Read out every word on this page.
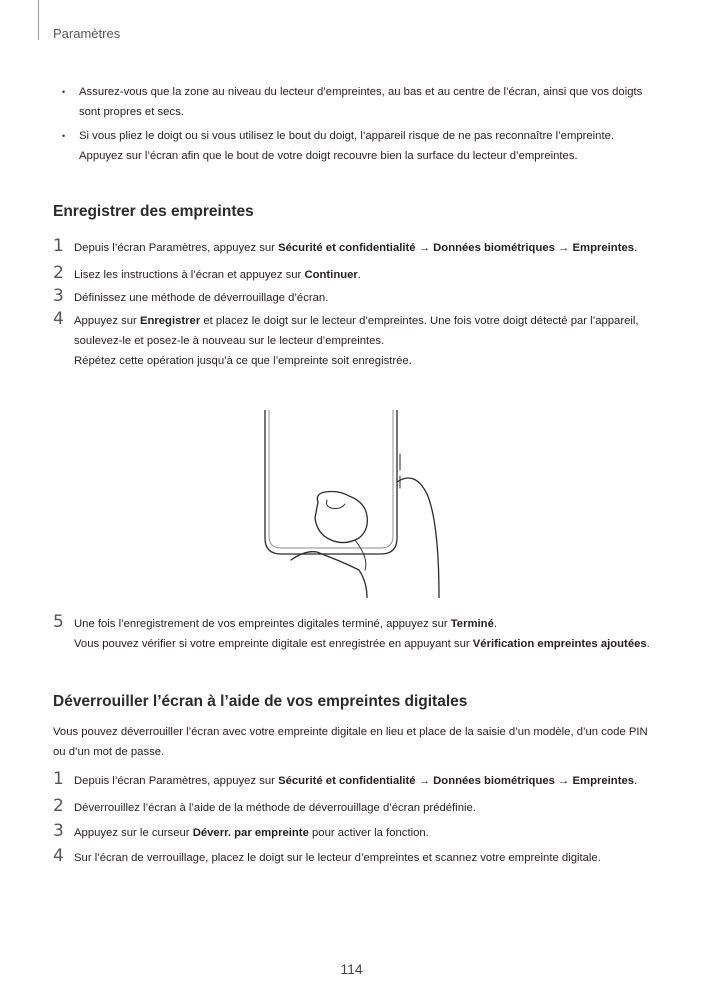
Paramètres
• Assurez-vous que la zone au niveau du lecteur d’empreintes, au bas et au centre de l’écran, ainsi que vos doigts sont propres et secs.
• Si vous pliez le doigt ou si vous utilisez le bout du doigt, l’appareil risque de ne pas reconnaître l’empreinte. Appuyez sur l’écran afin que le bout de votre doigt recouvre bien la surface du lecteur d’empreintes.
Enregistrer des empreintes
1 Depuis l’écran Paramètres, appuyez sur Sécurité et confidentialité → Données biométriques → Empreintes.
2 Lisez les instructions à l’écran et appuyez sur Continuer.
3 Définissez une méthode de déverrouillage d’écran.
4 Appuyez sur Enregistrer et placez le doigt sur le lecteur d’empreintes. Une fois votre doigt détecté par l’appareil, soulevez-le et posez-le à nouveau sur le lecteur d’empreintes.
Répétez cette opération jusqu’à ce que l’empreinte soit enregistrée.
5 Une fois l’enregistrement de vos empreintes digitales terminé, appuyez sur Terminé.
Vous pouvez vérifier si votre empreinte digitale est enregistrée en appuyant sur Vérification empreintes ajoutées.
Déverrouiller l’écran à l’aide de vos empreintes digitales
Vous pouvez déverrouiller l’écran avec votre empreinte digitale en lieu et place de la saisie d’un modèle, d’un code PIN ou d’un mot de passe.
1 Depuis l’écran Paramètres, appuyez sur Sécurité et confidentialité → Données biométriques → Empreintes.
2 Déverrouillez l’écran à l’aide de la méthode de déverrouillage d’écran prédéfinie.
3 Appuyez sur le curseur Déverr. par empreinte pour activer la fonction.
4 Sur l’écran de verrouillage, placez le doigt sur le lecteur d’empreintes et scannez votre empreinte digitale.
114
